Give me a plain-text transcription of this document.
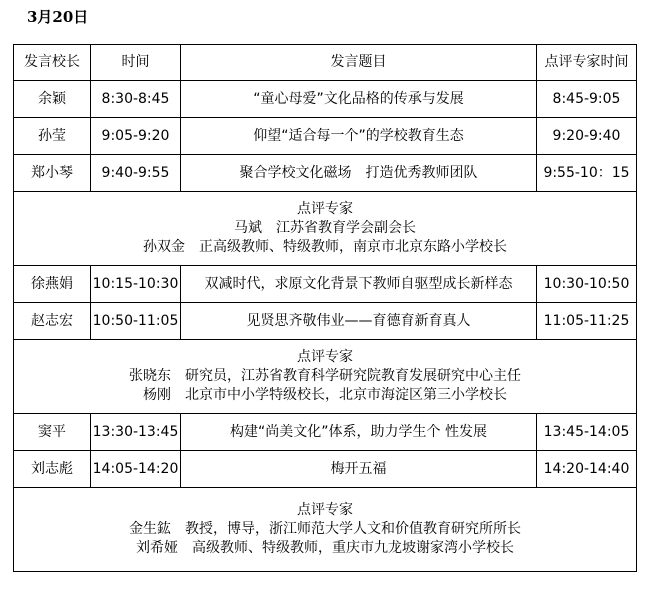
3月20日
发言校长	时间	发言题目	点评专家时间
余颖	8:30-8:45	“童心母爱”文化品格的传承与发展	8:45-9:05
孙莹	9:05-9:20	仰望“适合每一个”的学校教育生态	9:20-9:40
郑小琴	9:40-9:55	聚合学校文化磁场　打造优秀教师团队	9:55-10：15

点评专家
马斌　江苏省教育学会副会长
孙双金　正高级教师、特级教师，南京市北京东路小学校长			

徐燕娟	10:15-10:30	双减时代，求原文化背景下教师自驱型成长新样态	10:30-10:50
赵志宏	10:50-11:05	见贤思齐敬伟业——育德育新育真人	11:05-11:25

点评专家
张晓东　研究员，江苏省教育科学研究院教育发展研究中心主任
杨刚　北京市中小学特级校长，北京市海淀区第三小学校长			

窦平	13:30-13:45	构建“尚美文化”体系，助力学生个 性发展	13:45-14:05
刘志彪	14:05-14:20	梅开五福	14:20-14:40

点评专家
金生鈜　教授，博导，浙江师范大学人文和价值教育研究所所长
刘希娅　高级教师、特级教师，重庆市九龙坡谢家湾小学校长			
